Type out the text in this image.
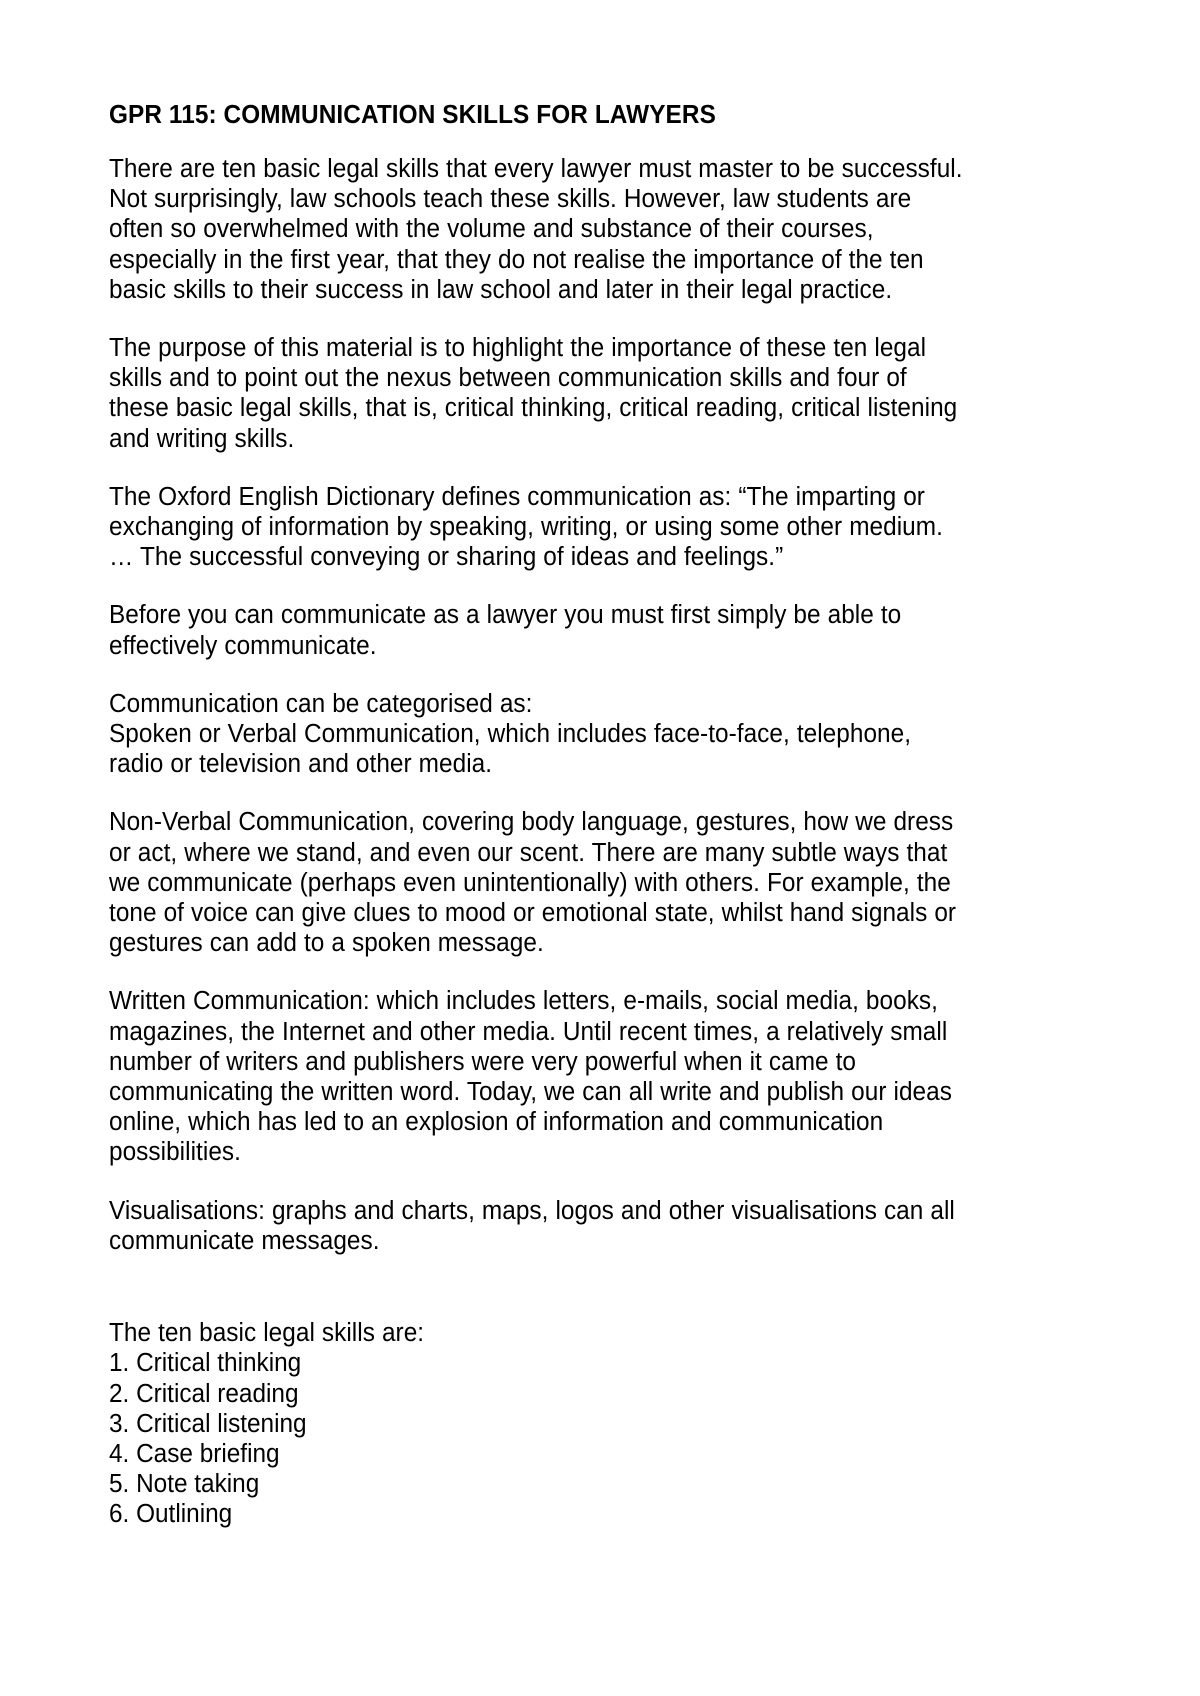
GPR 115: COMMUNICATION SKILLS FOR LAWYERS

There are ten basic legal skills that every lawyer must master to be successful. Not surprisingly, law schools teach these skills. However, law students are often so overwhelmed with the volume and substance of their courses, especially in the first year, that they do not realise the importance of the ten basic skills to their success in law school and later in their legal practice.

The purpose of this material is to highlight the importance of these ten legal skills and to point out the nexus between communication skills and four of these basic legal skills, that is, critical thinking, critical reading, critical listening and writing skills.

The Oxford English Dictionary defines communication as: “The imparting or exchanging of information by speaking, writing, or using some other medium. … The successful conveying or sharing of ideas and feelings.”

Before you can communicate as a lawyer you must first simply be able to effectively communicate.

Communication can be categorised as:

Spoken or Verbal Communication, which includes face-to-face, telephone, radio or television and other media.

Non-Verbal Communication, covering body language, gestures, how we dress or act, where we stand, and even our scent. There are many subtle ways that we communicate (perhaps even unintentionally) with others. For example, the tone of voice can give clues to mood or emotional state, whilst hand signals or gestures can add to a spoken message.

Written Communication: which includes letters, e-mails, social media, books, magazines, the Internet and other media. Until recent times, a relatively small number of writers and publishers were very powerful when it came to communicating the written word. Today, we can all write and publish our ideas online, which has led to an explosion of information and communication possibilities.

Visualisations: graphs and charts, maps, logos and other visualisations can all communicate messages.

The ten basic legal skills are:

1. Critical thinking
2. Critical reading
3. Critical listening
4. Case briefing
5. Note taking
6. Outlining
